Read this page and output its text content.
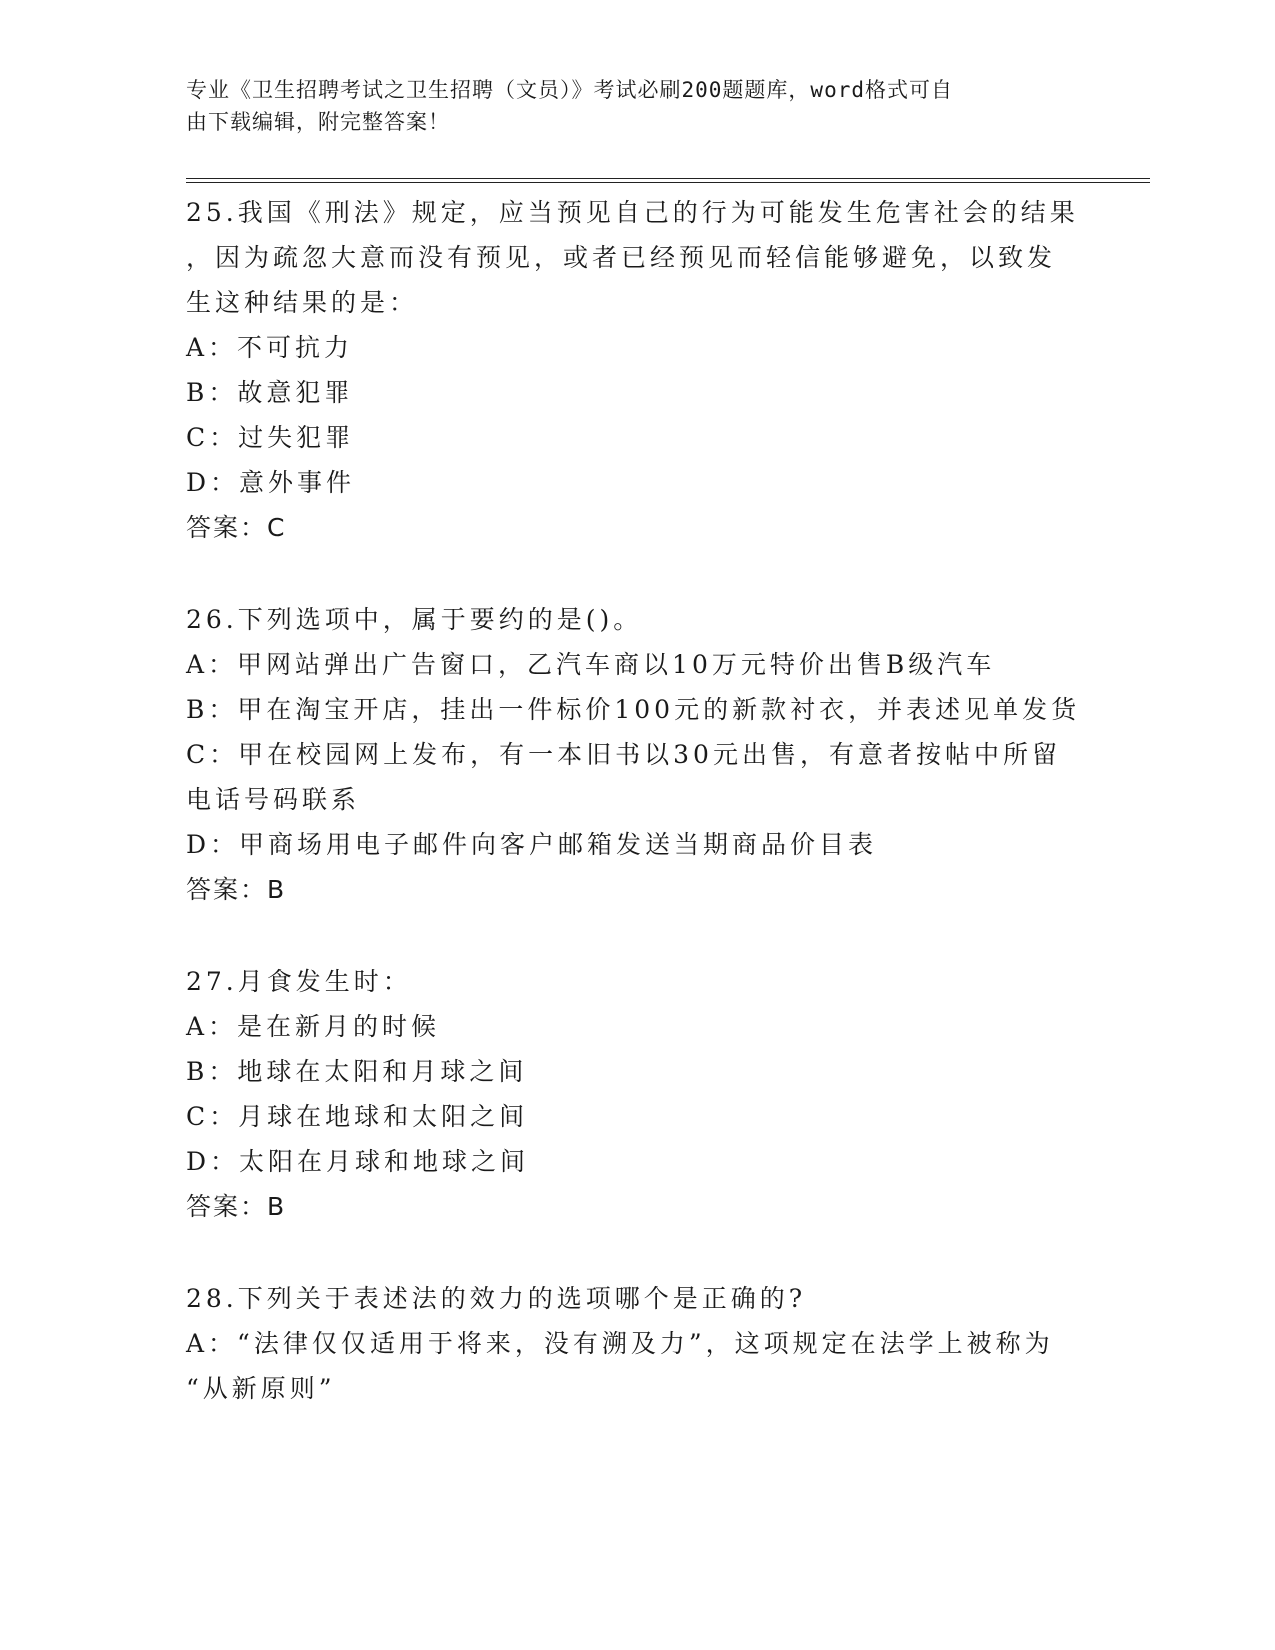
专业《卫生招聘考试之卫生招聘（文员）》考试必刷200题题库，word格式可自
由下载编辑，附完整答案！
25.我国《刑法》规定，应当预见自己的行为可能发生危害社会的结果
，因为疏忽大意而没有预见，或者已经预见而轻信能够避免，以致发
生这种结果的是：
A：不可抗力
B：故意犯罪
C：过失犯罪
D：意外事件
答案：C
26.下列选项中，属于要约的是()。
A：甲网站弹出广告窗口，乙汽车商以10万元特价出售B级汽车
B：甲在淘宝开店，挂出一件标价100元的新款衬衣，并表述见单发货
C：甲在校园网上发布，有一本旧书以30元出售，有意者按帖中所留
电话号码联系
D：甲商场用电子邮件向客户邮箱发送当期商品价目表
答案：B
27.月食发生时：
A：是在新月的时候
B：地球在太阳和月球之间
C：月球在地球和太阳之间
D：太阳在月球和地球之间
答案：B
28.下列关于表述法的效力的选项哪个是正确的?
A：“法律仅仅适用于将来，没有溯及力”，这项规定在法学上被称为
“从新原则”
